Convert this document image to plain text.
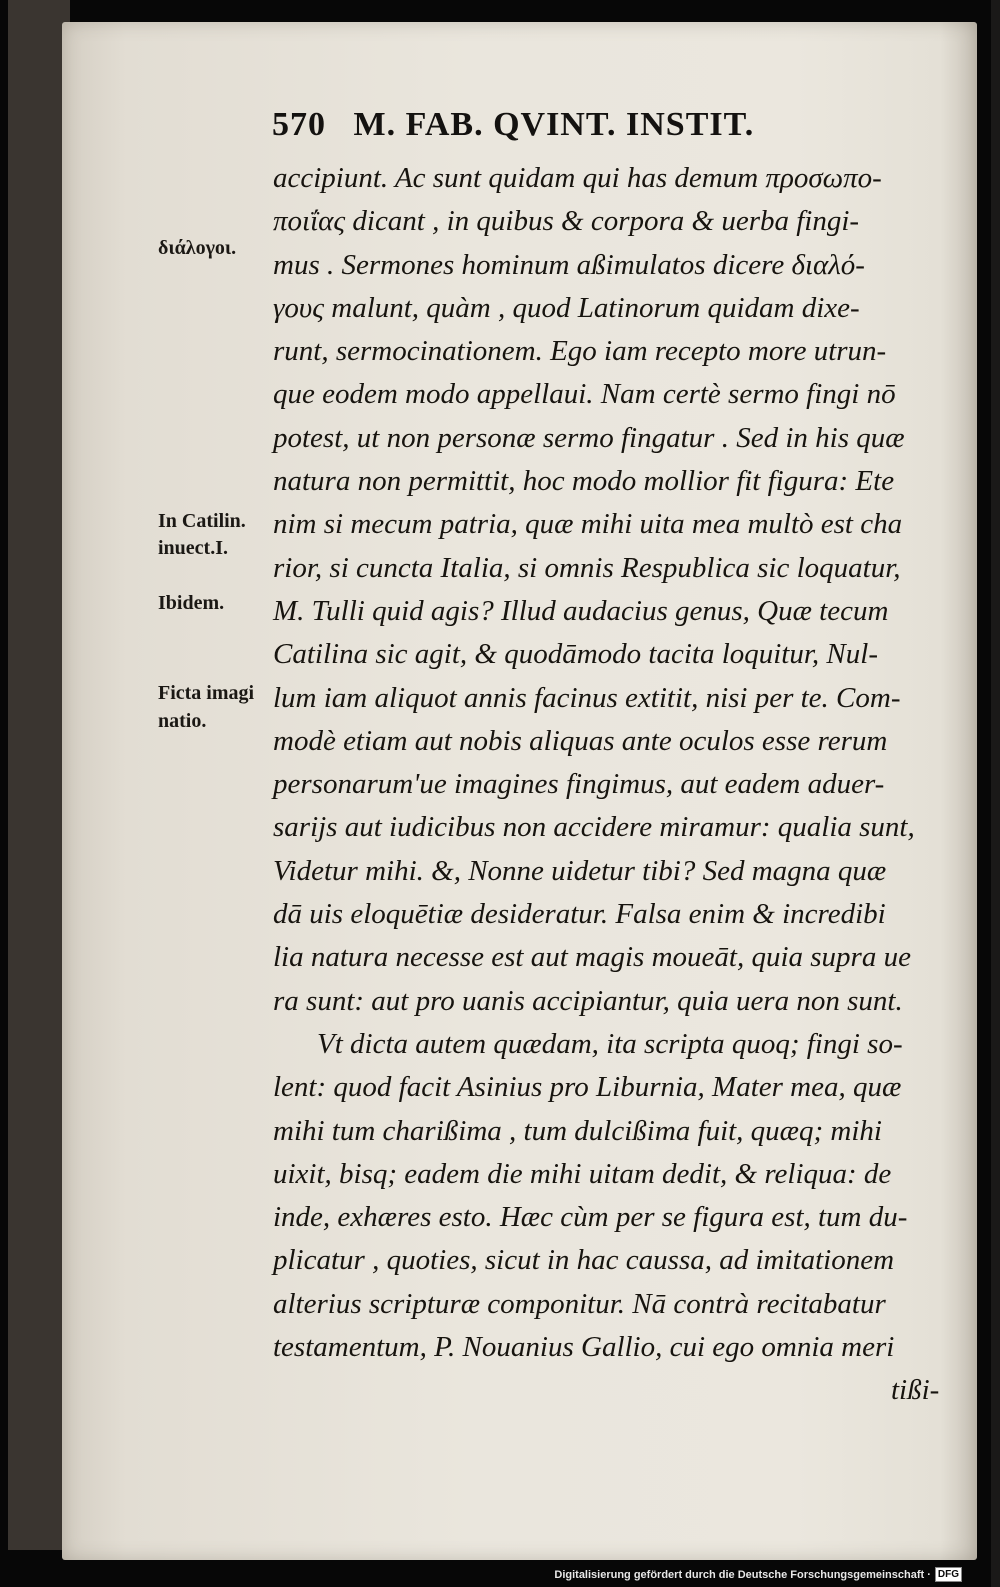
570 M. FAB. QVINT. INSTIT.
διάλογοι.
In Catilin.
inuect.I.
Ibidem.
Ficta imagi
natio.
accipiunt. Ac sunt quidam qui has demum προσωπο-
ποιΐας dicant , in quibus & corpora & uerba fingi-
mus . Sermones hominum aßimulatos dicere διαλό-
γους malunt, quàm , quod Latinorum quidam dixe-
runt, sermocinationem. Ego iam recepto more utrun-
que eodem modo appellaui. Nam certè sermo fingi nō
potest, ut non personæ sermo fingatur . Sed in his quæ
natura non permittit, hoc modo mollior fit figura: Ete
nim si mecum patria, quæ mihi uita mea multò est cha
rior, si cuncta Italia, si omnis Respublica sic loquatur,
M. Tulli quid agis? Illud audacius genus, Quæ tecum
Catilina sic agit, & quodāmodo tacita loquitur, Nul-
lum iam aliquot annis facinus extitit, nisi per te. Com-
modè etiam aut nobis aliquas ante oculos esse rerum
personarum'ue imagines fingimus, aut eadem aduer-
sarijs aut iudicibus non accidere miramur: qualia sunt,
Videtur mihi. &, Nonne uidetur tibi? Sed magna quæ
dā uis eloquētiæ desideratur. Falsa enim & incredibi
lia natura necesse est aut magis moueāt, quia supra ue
ra sunt: aut pro uanis accipiantur, quia uera non sunt.
Vt dicta autem quædam, ita scripta quoq; fingi so-
lent: quod facit Asinius pro Liburnia, Mater mea, quæ
mihi tum charißima , tum dulcißima fuit, quæq; mihi
uixit, bisq; eadem die mihi uitam dedit, & reliqua: de
inde, exhæres esto. Hæc cùm per se figura est, tum du-
plicatur , quoties, sicut in hac caussa, ad imitationem
alterius scripturæ componitur. Nā contrà recitabatur
testamentum, P. Nouanius Gallio, cui ego omnia meri
tißi-
Digitalisierung gefördert durch die Deutsche Forschungsgemeinschaft · DFG
